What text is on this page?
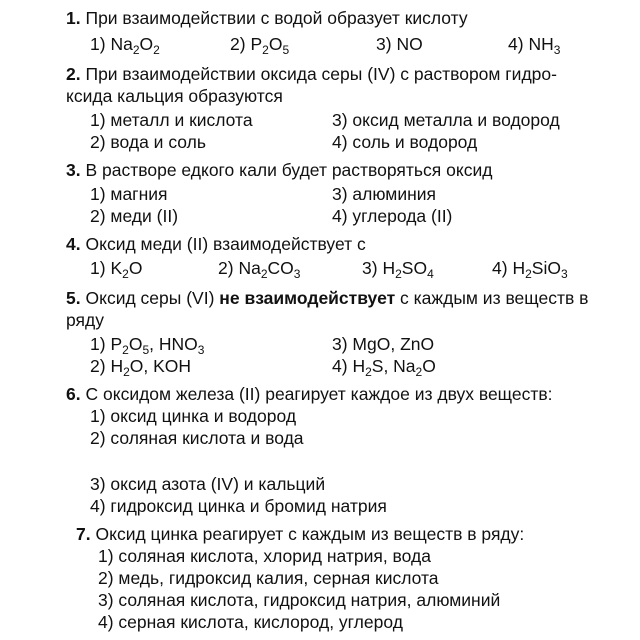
1. При взаимодействии с водой образует кислоту
1) $Na_2O_2$	2) $P_2O_5$	3) NO	4) $NH_3$
2. При взаимодействии оксида серы (IV) с раствором гидро-
ксида кальция образуются
1) металл и кислота	3) оксид металла и водород
2) вода и соль	4) соль и водород
3. В растворе едкого кали будет растворяться оксид
1) магния	3) алюминия
2) меди (II)	4) углерода (II)
4. Оксид меди (II) взаимодействует с
1) $K_2O$	2) $Na_2CO_3$	3) $H_2SO_4$	4) $H_2SiO_3$
5. Оксид серы (VI) не взаимодействует с каждым из веществ в
ряду
1) $P_2O_5$, $HNO_3$	3) MgO, ZnO
2) $H_2O$, KOH	4) $H_2S$, $Na_2O$
6. С оксидом железа (II) реагирует каждое из двух веществ:
1) оксид цинка и водород
2) соляная кислота и вода
3) оксид азота (IV) и кальций
4) гидроксид цинка и бромид натрия
7. Оксид цинка реагирует с каждым из веществ в ряду:
1) соляная кислота, хлорид натрия, вода
2) медь, гидроксид калия, серная кислота
3) соляная кислота, гидроксид натрия, алюминий
4) серная кислота, кислород, углерод
